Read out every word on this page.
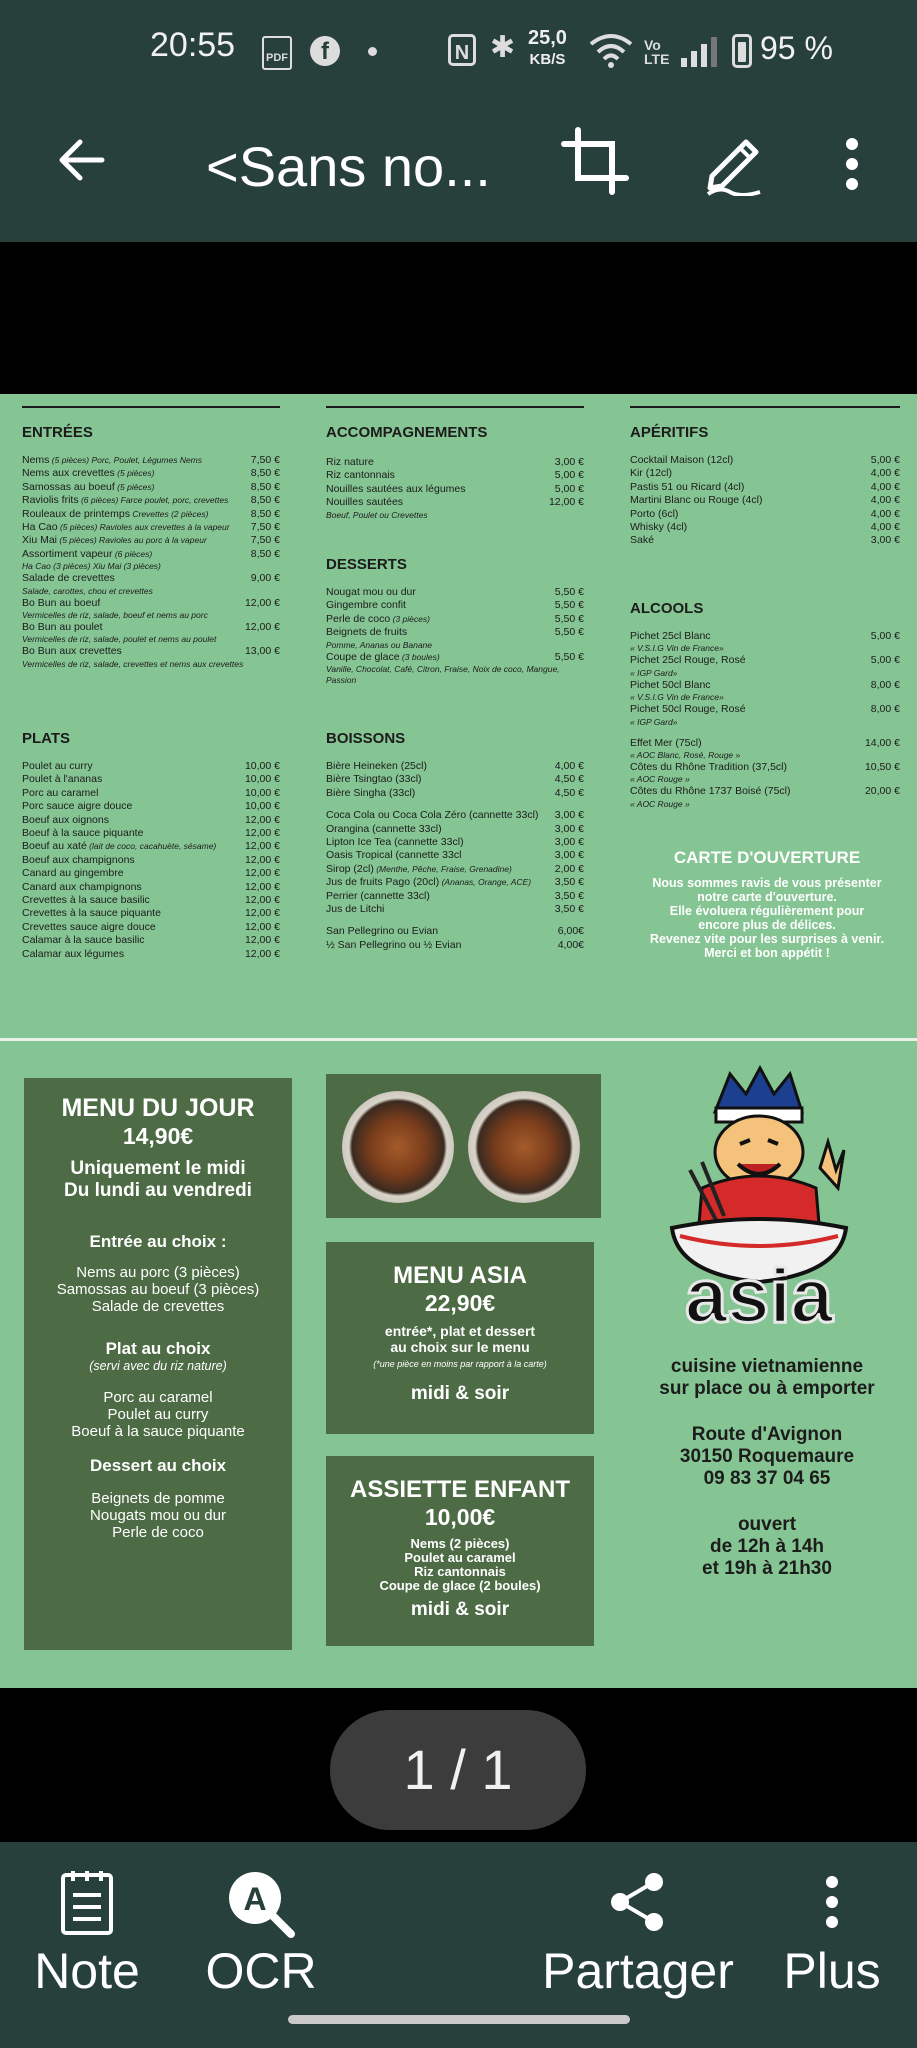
20:55	PDF	f	N ✱ 25,0
KB/S
Vo
LTE	95 %
<Sans no...
ENTRÉES
Nems (5 pièces) Porc, Poulet, Légumes Nems	7,50 €
Nems aux crevettes (5 pièces)	8,50 €
Samossas au boeuf (5 pièces)	8,50 €
Raviolis frits (6 pièces) Farce poulet, porc, crevettes	8,50 €
Rouleaux de printemps Crevettes (2 pièces)	8,50 €
Ha Cao (5 pièces) Ravioles aux crevettes à la vapeur	7,50 €
Xiu Mai (5 pièces) Ravioles au porc à la vapeur	7,50 €
Assortiment vapeur (6 pièces)	8,50 €
Ha Cao (3 pièces) Xiu Mai (3 pièces)
Salade de crevettes	9,00 €
Salade, carottes, chou et crevettes
Bo Bun au boeuf	12,00 €
Vermicelles de riz, salade, boeuf et nems au porc
Bo Bun au poulet	12,00 €
Vermicelles de riz, salade, poulet et nems au poulet
Bo Bun aux crevettes	13,00 €
Vermicelles de riz, salade, crevettes et nems aux crevettes
PLATS
Poulet au curry	10,00 €
Poulet à l'ananas	10,00 €
Porc au caramel	10,00 €
Porc sauce aigre douce	10,00 €
Boeuf aux oignons	12,00 €
Boeuf à la sauce piquante	12,00 €
Boeuf au xaté (lait de coco, cacahuète, sésame)	12,00 €
Boeuf aux champignons	12,00 €
Canard au gingembre	12,00 €
Canard aux champignons	12,00 €
Crevettes à la sauce basilic	12,00 €
Crevettes à la sauce piquante	12,00 €
Crevettes sauce aigre douce	12,00 €
Calamar à la sauce basilic	12,00 €
Calamar aux légumes	12,00 €
ACCOMPAGNEMENTS
Riz nature	3,00 €
Riz cantonnais	5,00 €
Nouilles sautées aux légumes	5,00 €
Nouilles sautées	12,00 €
Boeuf, Poulet ou Crevettes
DESSERTS
Nougat mou ou dur	5,50 €
Gingembre confit	5,50 €
Perle de coco (3 pièces)	5,50 €
Beignets de fruits	5,50 €
Pomme, Ananas ou Banane
Coupe de glace (3 boules)	5,50 €
Vanille, Chocolat, Café, Citron, Fraise, Noix de coco, Mangue, Passion
BOISSONS
Bière Heineken (25cl)	4,00 €
Bière Tsingtao (33cl)	4,50 €
Bière Singha (33cl)	4,50 €
Coca Cola ou Coca Cola Zéro (cannette 33cl)	3,00 €
Orangina (cannette 33cl)	3,00 €
Lipton Ice Tea (cannette 33cl)	3,00 €
Oasis Tropical (cannette 33cl	3,00 €
Sirop (2cl) (Menthe, Pêche, Fraise, Grenadine)	2,00 €
Jus de fruits Pago (20cl) (Ananas, Orange, ACE)	3,50 €
Perrier (cannette 33cl)	3,50 €
Jus de Litchi	3,50 €
San Pellegrino ou Evian	6,00€
½ San Pellegrino ou ½ Evian	4,00€
APÉRITIFS
Cocktail Maison (12cl)	5,00 €
Kir (12cl)	4,00 €
Pastis 51 ou Ricard (4cl)	4,00 €
Martini Blanc ou Rouge (4cl)	4,00 €
Porto (6cl)	4,00 €
Whisky (4cl)	4,00 €
Saké	3,00 €
ALCOOLS
Pichet 25cl Blanc	5,00 €
« V.S.I.G Vin de France»
Pichet 25cl Rouge, Rosé	5,00 €
« IGP Gard»
Pichet 50cl Blanc	8,00 €
« V.S.I.G Vin de France»
Pichet 50cl Rouge, Rosé	8,00 €
« IGP Gard»
Effet Mer (75cl)	14,00 €
« AOC Blanc, Rosé, Rouge »
Côtes du Rhône Tradition (37,5cl)	10,50 €
« AOC Rouge »
Côtes du Rhône 1737 Boisé (75cl)	20,00 €
« AOC Rouge »
CARTE D'OUVERTURE
Nous sommes ravis de vous présenter
notre carte d'ouverture.
Elle évoluera régulièrement pour
encore plus de délices.
Revenez vite pour les surprises à venir.
Merci et bon appétit !
MENU DU JOUR
14,90€
Uniquement le midi
Du lundi au vendredi
Entrée au choix :
Nems au porc (3 pièces)
Samossas au boeuf (3 pièces)
Salade de crevettes
Plat au choix
(servi avec du riz nature)
Porc au caramel
Poulet au curry
Boeuf à la sauce piquante
Dessert au choix
Beignets de pomme
Nougats mou ou dur
Perle de coco
MENU ASIA
22,90€
entrée*, plat et dessert
au choix sur le menu
(*une pièce en moins par rapport à la carte)
midi & soir
ASSIETTE ENFANT
10,00€
Nems (2 pièces)
Poulet au caramel
Riz cantonnais
Coupe de glace (2 boules)
midi & soir
asia
cuisine vietnamienne
sur place ou à emporter
Route d'Avignon
30150 Roquemaure
09 83 37 04 65
ouvert
de 12h à 14h
et 19h à 21h30
1 / 1
Note
A
OCR	Partager Plus
